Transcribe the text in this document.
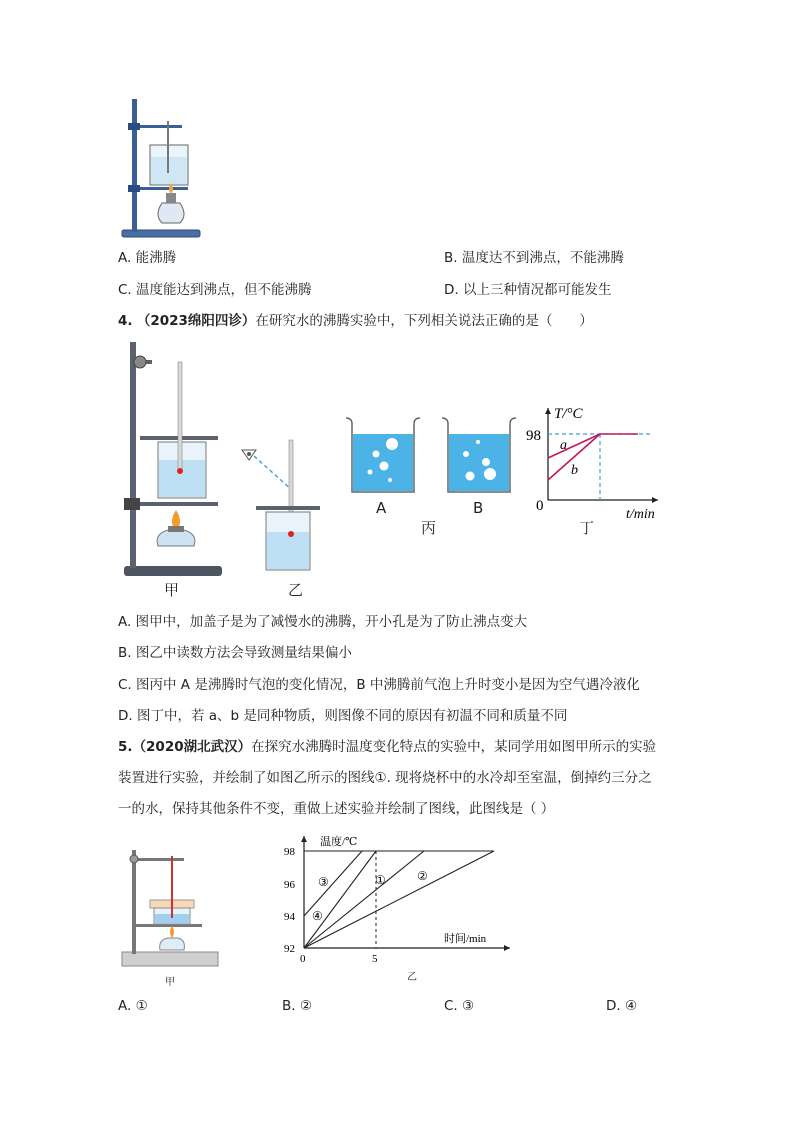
A. 能沸腾	B. 温度达不到沸点，不能沸腾
C. 温度能达到沸点，但不能沸腾	D. 以上三种情况都可能发生
4. （2023绵阳四诊）在研究水的沸腾实验中，下列相关说法正确的是（　　）
甲	乙
A	B
丙
T/°C
98
0
a
b
t/min
丁
A. 图甲中，加盖子是为了减慢水的沸腾，开小孔是为了防止沸点变大
B. 图乙中读数方法会导致测量结果偏小
C. 图丙中 A 是沸腾时气泡的变化情况，B 中沸腾前气泡上升时变小是因为空气遇冷液化
D. 图丁中，若 a、b 是同种物质，则图像不同的原因有初温不同和质量不同
5.（2020湖北武汉）在探究水沸腾时温度变化特点的实验中，某同学用如图甲所示的实验
装置进行实验，并绘制了如图乙所示的图线①. 现将烧杯中的水冷却至室温，倒掉约三分之
一的水，保持其他条件不变，重做上述实验并绘制了图线，此图线是（ ）
甲
温度/℃
98
96
94
92
0	5
时间/min
③
④
①	②
乙
A. ①	B. ②	C. ③	D. ④
